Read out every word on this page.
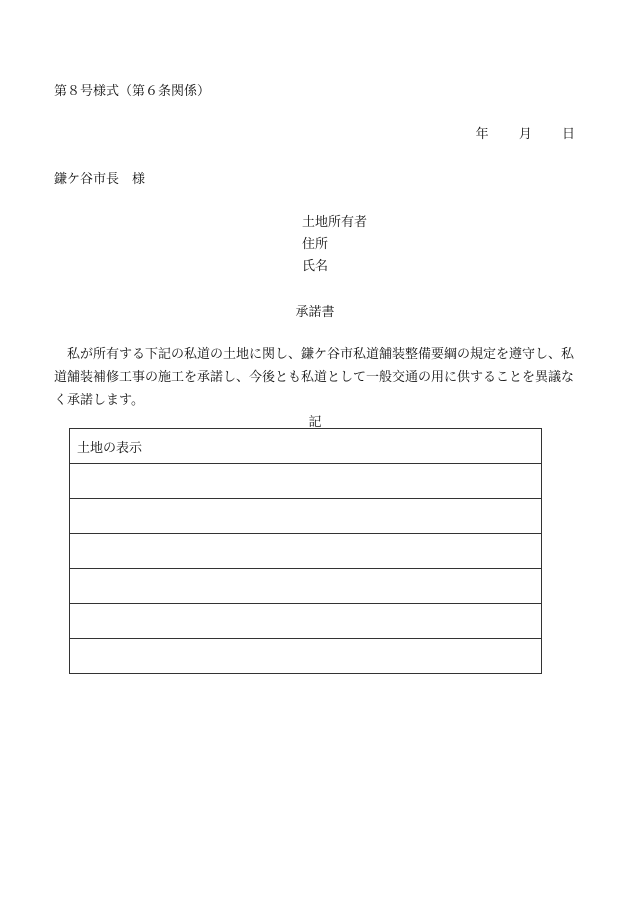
第８号様式（第６条関係）
年 月 日
鎌ケ谷市長　様
土地所有者
住所
氏名
承諾書
私が所有する下記の私道の土地に関し、鎌ケ谷市私道舗装整備要綱の規定を遵守し、私道舗装補修工事の施工を承諾し、今後とも私道として一般交通の用に供することを異議なく承諾します。
記
土地の表示
